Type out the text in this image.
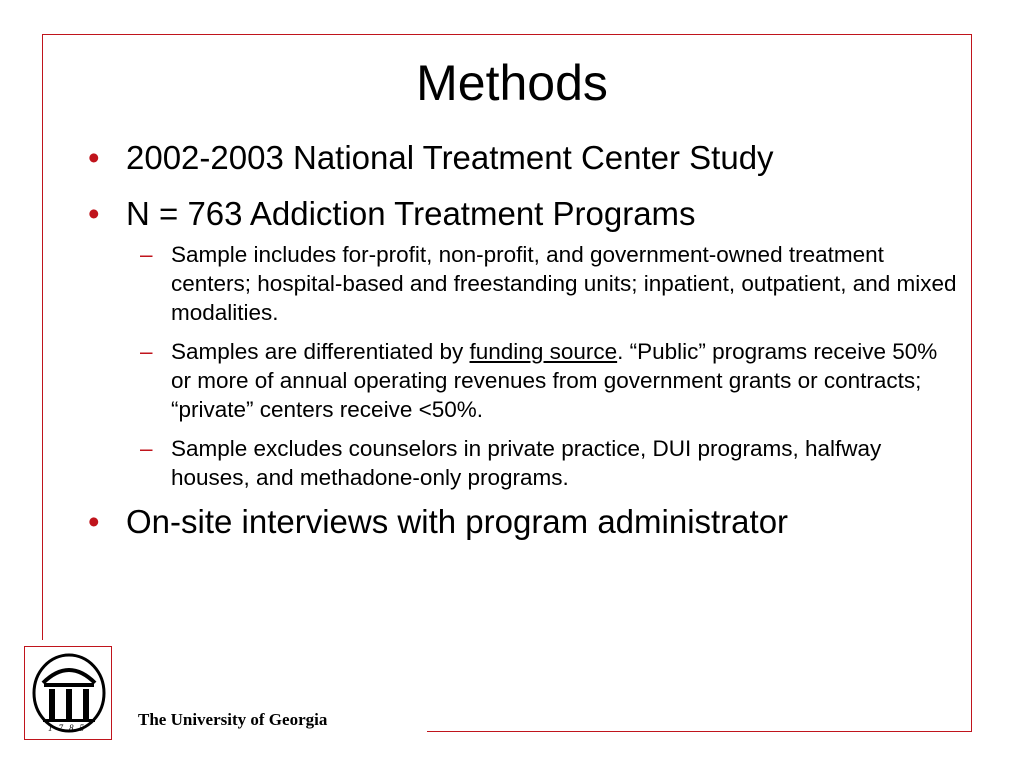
Methods
• 2002-2003 National Treatment Center Study
• N = 763 Addiction Treatment Programs
– Sample includes for-profit, non-profit, and government-owned treatment centers; hospital-based and freestanding units; inpatient, outpatient, and mixed modalities.
– Samples are differentiated by funding source. “Public” programs receive 50% or more of annual operating revenues from government grants or contracts; “private” centers receive <50%.
– Sample excludes counselors in private practice, DUI programs, halfway houses, and methadone-only programs.
• On-site interviews with program administrator
1785	The University of Georgia
